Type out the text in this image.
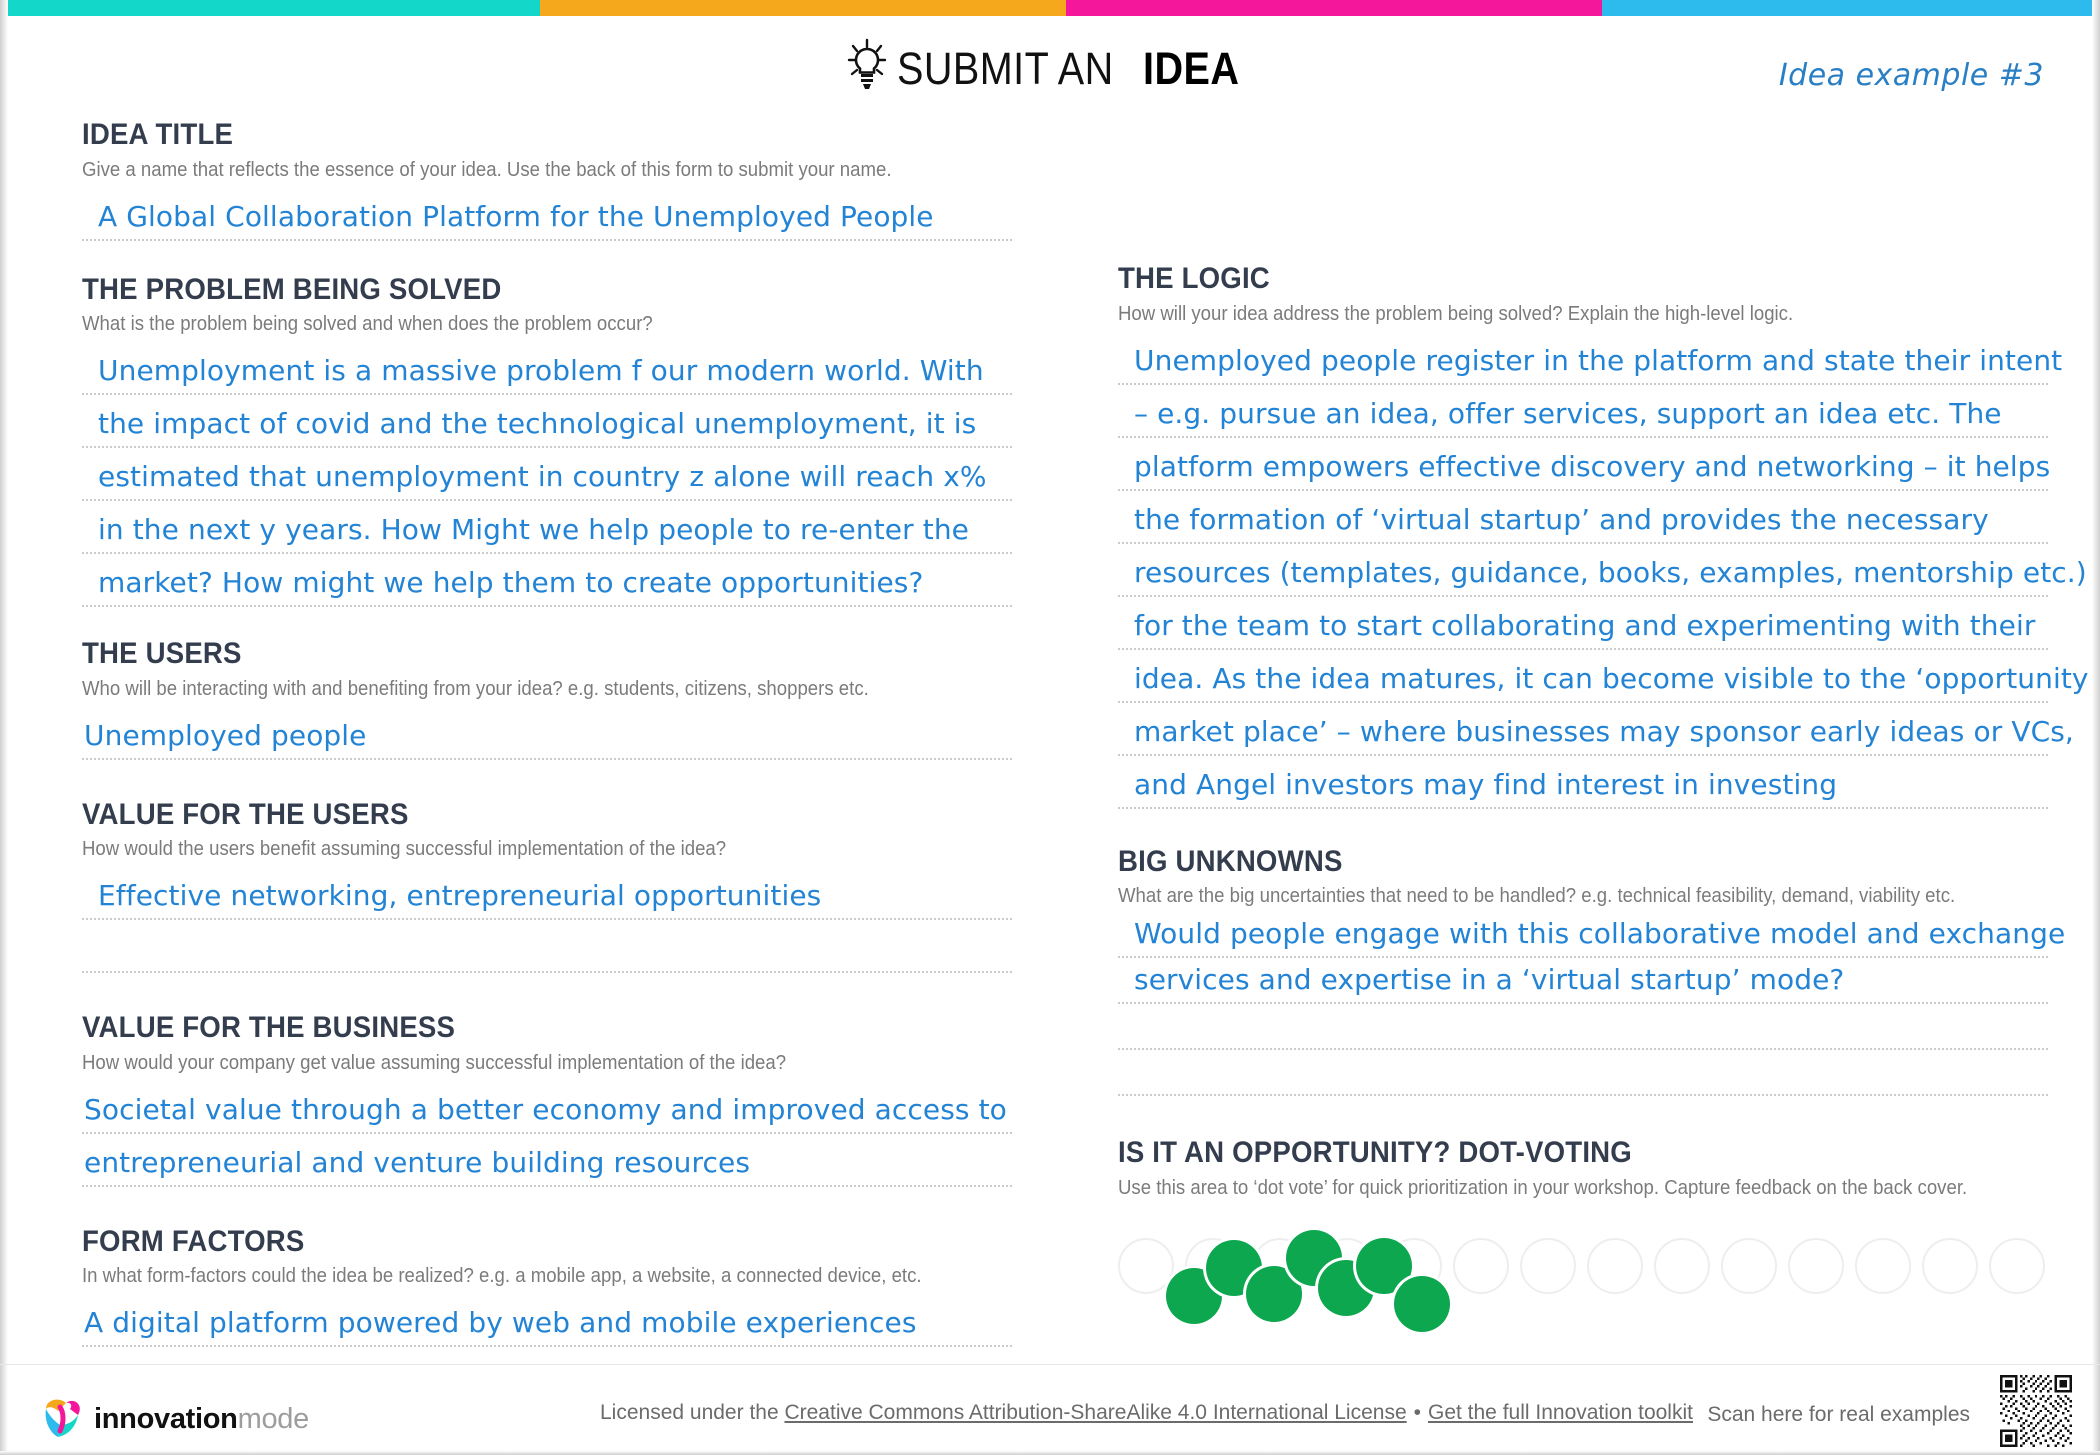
SUBMIT ANIDEA	Idea example #3
IDEA TITLE
Give a name that reflects the essence of your idea. Use the back of this form to submit your name.
A Global Collaboration Platform for the Unemployed People
THE PROBLEM BEING SOLVED
What is the problem being solved and when does the problem occur?
Unemployment is a massive problem f our modern world. With
the impact of covid and the technological unemployment, it is
estimated that unemployment in country z alone will reach x%
in the next y years. How Might we help people to re-enter the
market? How might we help them to create opportunities?
THE USERS
Who will be interacting with and benefiting from your idea? e.g. students, citizens, shoppers etc.
Unemployed people
VALUE FOR THE USERS
How would the users benefit assuming successful implementation of the idea?
Effective networking, entrepreneurial opportunities
VALUE FOR THE BUSINESS
How would your company get value assuming successful implementation of the idea?
Societal value through a better economy and improved access to
entrepreneurial and venture building resources
FORM FACTORS
In what form-factors could the idea be realized? e.g. a mobile app, a website, a connected device, etc.
A digital platform powered by web and mobile experiences
THE LOGIC
How will your idea address the problem being solved? Explain the high-level logic.
Unemployed people register in the platform and state their intent
– e.g. pursue an idea, offer services, support an idea etc. The
platform empowers effective discovery and networking – it helps
the formation of ‘virtual startup’ and provides the necessary
resources (templates, guidance, books, examples, mentorship etc.)
for the team to start collaborating and experimenting with their
idea. As the idea matures, it can become visible to the ‘opportunity
market place’ – where businesses may sponsor early ideas or VCs,
and Angel investors may find interest in investing
BIG UNKNOWNS
What are the big uncertainties that need to be handled? e.g. technical feasibility, demand, viability etc.
Would people engage with this collaborative model and exchange
services and expertise in a ‘virtual startup’ mode?
IS IT AN OPPORTUNITY? DOT-VOTING
Use this area to ‘dot vote’ for quick prioritization in your workshop. Capture feedback on the back cover.
innovationmode	Licensed under the Creative Commons Attribution-ShareAlike 4.0 International License • Get the full Innovation toolkit Scan here for real examples
